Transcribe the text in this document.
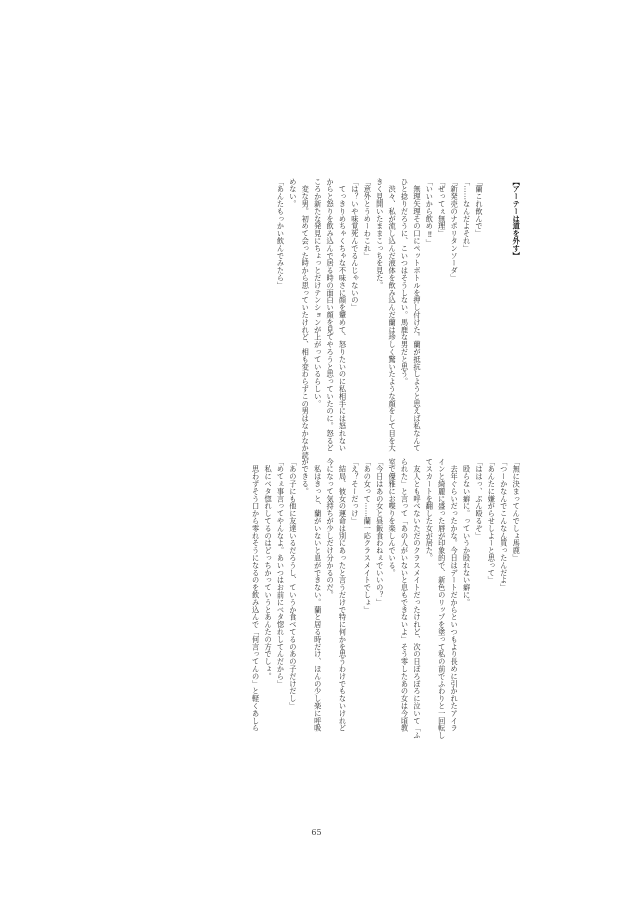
【アーテーは道を外す】

「蘭これ飲んで」
「……なんだよそれ」
「新発売のナポリタンソーダ」
「ぜってぇ無理」
「いいから飲め‼」
　無理矢理その口にペットボトルを押し付けた。蘭が抵抗しようと思えば私なんて
ひと捻りだろうに、こいつはそうしない。馬鹿な男だと思う。
　渋々、私が流し込んだ液体を飲み込んだ蘭は珍しく驚いたような顔をして目を大
きく見開いたままこっちを見た。
「意外とうめーわこれ」
「は？いや味覚死んでるんじゃないの」
　てっきりめちゃくちゃな不味さに顔を顰めて、怒りたいのに私相手には怒れない
からと怒りを飲み込んで居る時の面白い顔を見てやろうと思っていたのに。怒るど
ころか新たな発見にちょっとだけテンションが上がっているらしい。
　変な男。初めて会った時から思っていたけれど、相も変わらずこの男はなかなか読
めない。
「あんたもっかい飲んでみたら」

「無に決まってんでしょ馬鹿」
「つーかなんでこんなん買ったんだよ」
「あんたに嫌がらせしよーと思って」
「ははっ、ぶん殴るぞ」
　殴らない癖に。っていうか殴れない癖に。
　去年ぐらいだったかな。今日はデートだからといつもより長めに引かれたアイラ
インと綺麗に盛った唇が印象的で、新色のリップを塗って私の前でふわりと一回転し
てスカートを翻した女が居た。
　友人とも呼べないただのクラスメイトだったけれど、次の日ぼろぼろに泣いて「ふ
られた」と言って「あの人がいないと息もできないよ」そう零したあの女は今頃教
室で優雅にお喋りを楽しんでいる。
「今日はあの女と昼飯食わねぇでいいの？」
「あの女って……蘭一応クラスメイトでしょ」
「え？そーだっけ」
　結局、彼女の運命は別にあったと言うだけで特に何かを思うわけでもないけれど
今になって気持ちが少しだけ分かるのだ。
　私はきっと、蘭がいないと息ができない。蘭と居る時だけ、ほんの少し楽に呼吸
ができる。
「あの子にも他に友達いるだろうし、ていうか食べてるのあの子だけだし」
「めてぇ事言ってやんなよ。あいつはお前にベタ惚れしてんだから」
　私にベタ惚れしてるのはどっちかっていうとあんたの方でしょ。
　思わずそう口から零れそうになるのを飲み込んで「何言ってんの」と軽くあしら

65
